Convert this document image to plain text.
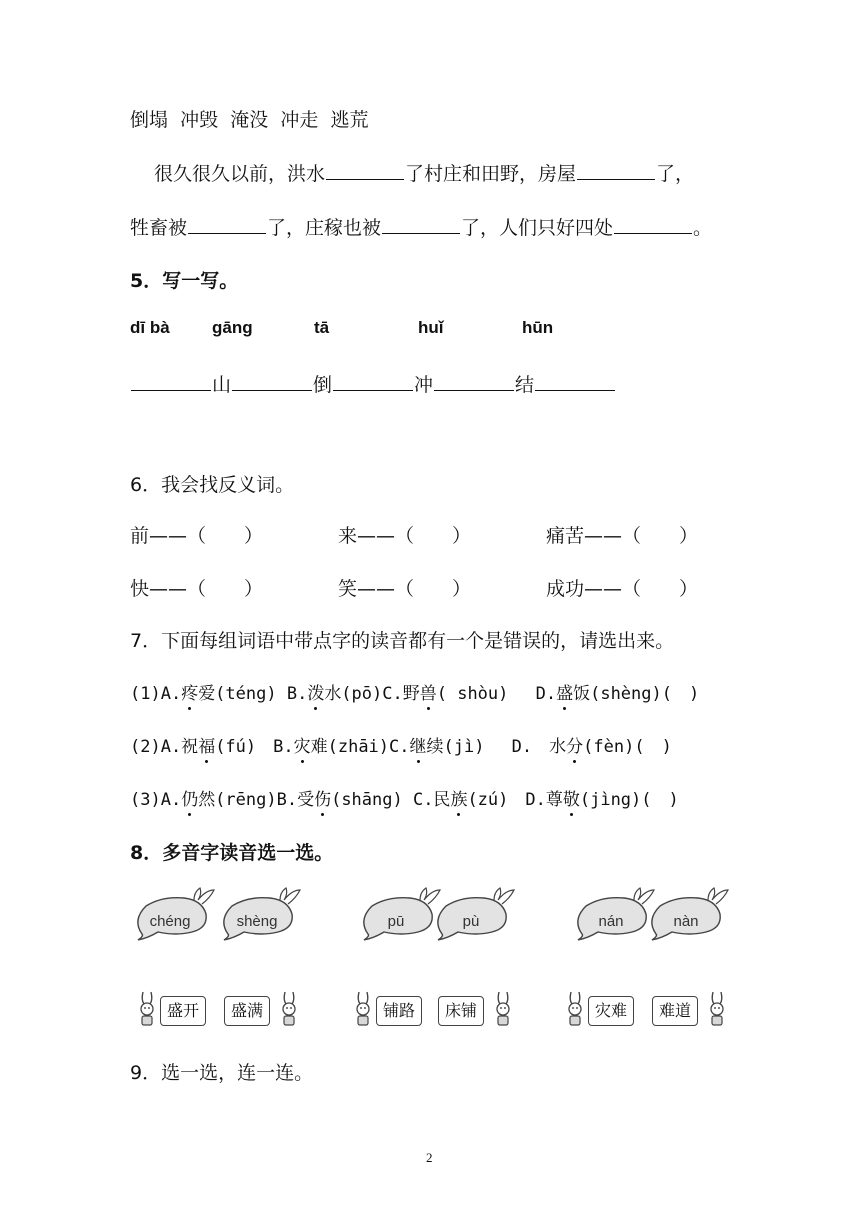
倒塌 冲毁 淹没 冲走 逃荒
很久很久以前，洪水	了村庄和田野，房屋	了，
牲畜被	了，庄稼也被	了，人们只好四处	。
5．写一写。
dī bà gāng	tā	huǐ	hūn
山	倒	冲	结
6．我会找反义词。
前——（　　）	来——（　　）	痛苦——（　　）
快——（　　）	笑——（　　）	成功——（　　）
7．下面每组词语中带点字的读音都有一个是错误的，请选出来。
(1)A.疼爱(téng) B.泼水(pō)C.野兽( shòu)　 D.盛饭(shèng)(　)
(2)A.祝福(fú)　B.灾难(zhāi)C.继续(jì)　 D.　水分(fèn)(　)
(3)A.仍然(rēng)B.受伤(shāng) C.民族(zú)　D.尊敬(jìng)(　)
8．多音字读音选一选。
chéng	shèng	pū	pù	nán	nàn
盛开	盛满	铺路	床铺	灾难	难道
9．选一选，连一连。
2
